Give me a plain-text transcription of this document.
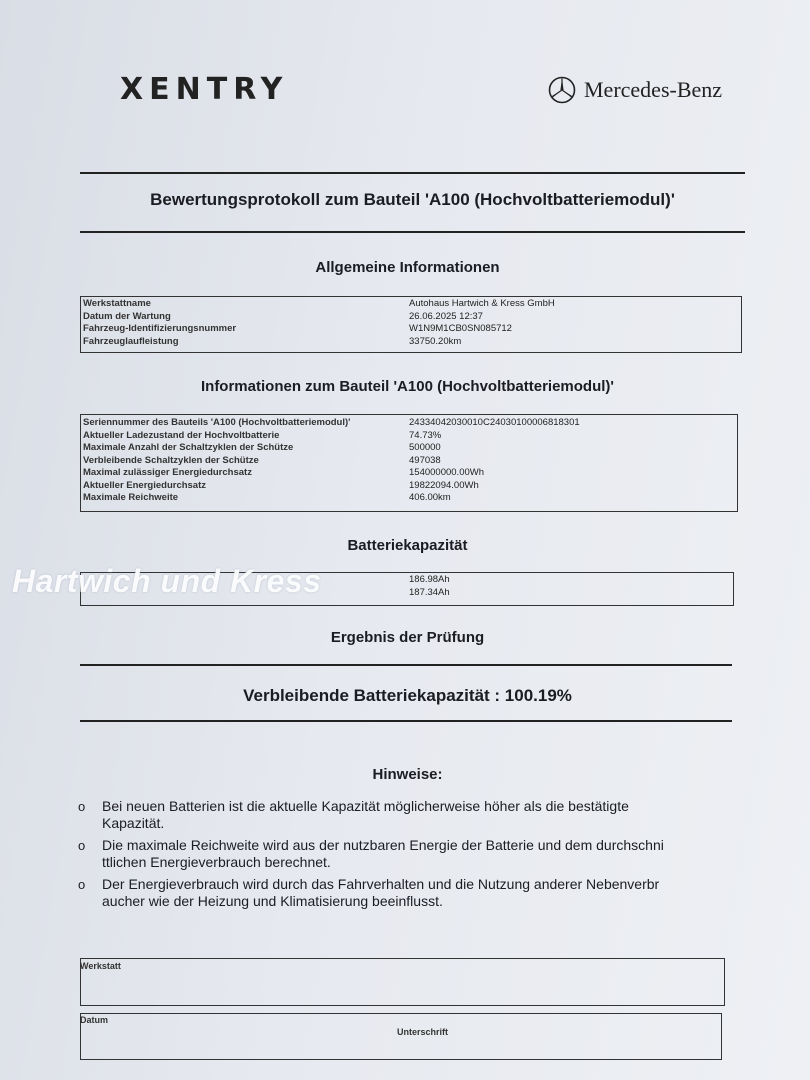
XENTRY	Mercedes-Benz
Bewertungsprotokoll zum Bauteil 'A100 (Hochvoltbatteriemodul)'
Allgemeine Informationen
Werkstattname	Autohaus Hartwich & Kress GmbH
Datum der Wartung	26.06.2025 12:37
Fahrzeug-Identifizierungsnummer	W1N9M1CB0SN085712
Fahrzeuglaufleistung	33750.20km
Informationen zum Bauteil 'A100 (Hochvoltbatteriemodul)'
Seriennummer des Bauteils 'A100 (Hochvoltbatteriemodul)'	24334042030010C24030100006818301
Aktueller Ladezustand der Hochvoltbatterie	74.73%
Maximale Anzahl der Schaltzyklen der Schütze	500000
Verbleibende Schaltzyklen der Schütze	497038
Maximal zulässiger Energiedurchsatz	154000000.00Wh
Aktueller Energiedurchsatz	19822094.00Wh
Maximale Reichweite	406.00km
Batteriekapazität
186.98Ah
187.34Ah
Hartwich und Kress
Ergebnis der Prüfung
Verbleibende Batteriekapazität : 100.19%
Hinweise:
o	Bei neuen Batterien ist die aktuelle Kapazität möglicherweise höher als die bestätigte
Kapazität.
o	Die maximale Reichweite wird aus der nutzbaren Energie der Batterie und dem durchschni
ttlichen Energieverbrauch berechnet.
o	Der Energieverbrauch wird durch das Fahrverhalten und die Nutzung anderer Nebenverbr
aucher wie der Heizung und Klimatisierung beeinflusst.
Werkstatt
Datum
Unterschrift
